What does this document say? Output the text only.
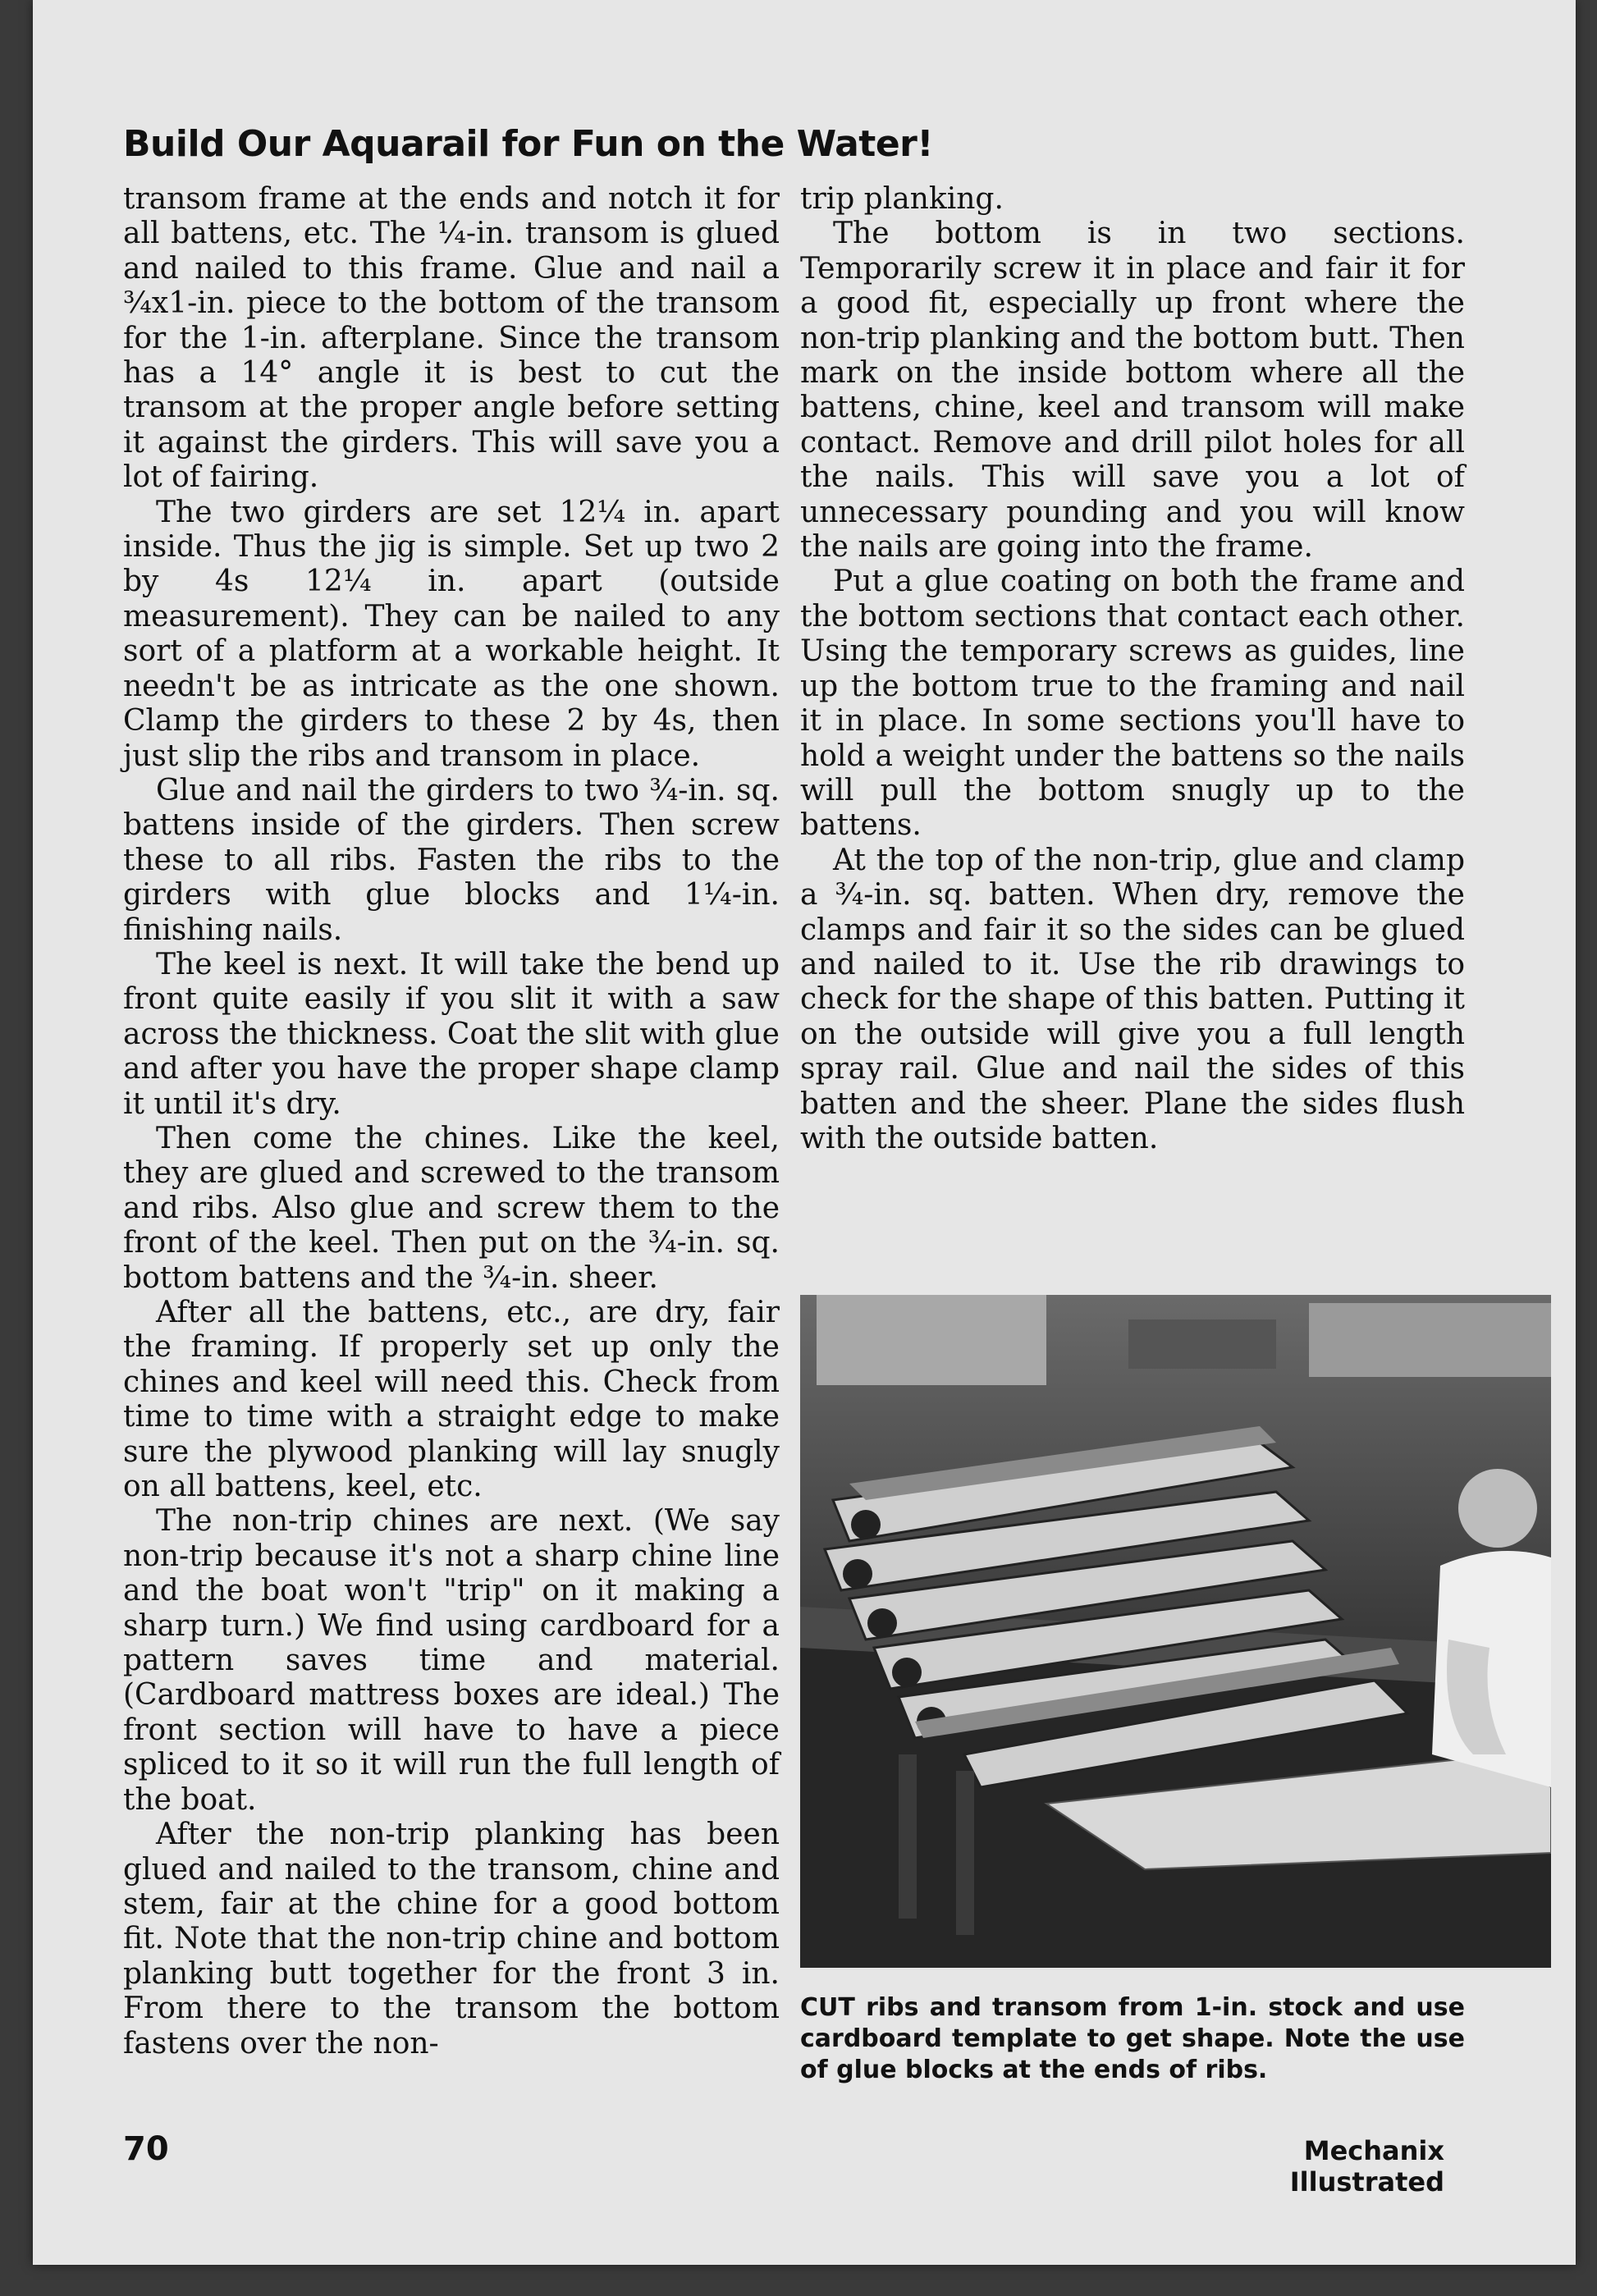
Build Our Aquarail for Fun on the Water!

transom frame at the ends and notch it for all battens, etc. The ¼-in. transom is glued and nailed to this frame. Glue and nail a ¾x1-in. piece to the bottom of the transom for the 1-in. afterplane. Since the transom has a 14° angle it is best to cut the transom at the proper angle before setting it against the girders. This will save you a lot of fairing.

The two girders are set 12¼ in. apart inside. Thus the jig is simple. Set up two 2 by 4s 12¼ in. apart (outside measurement). They can be nailed to any sort of a platform at a workable height. It needn't be as intricate as the one shown. Clamp the girders to these 2 by 4s, then just slip the ribs and transom in place.

Glue and nail the girders to two ¾-in. sq. battens inside of the girders. Then screw these to all ribs. Fasten the ribs to the girders with glue blocks and 1¼-in. finishing nails.

The keel is next. It will take the bend up front quite easily if you slit it with a saw across the thickness. Coat the slit with glue and after you have the proper shape clamp it until it's dry.

Then come the chines. Like the keel, they are glued and screwed to the transom and ribs. Also glue and screw them to the front of the keel. Then put on the ¾-in. sq. bottom battens and the ¾-in. sheer.

After all the battens, etc., are dry, fair the framing. If properly set up only the chines and keel will need this. Check from time to time with a straight edge to make sure the plywood planking will lay snugly on all battens, keel, etc.

The non-trip chines are next. (We say non-trip because it's not a sharp chine line and the boat won't "trip" on it making a sharp turn.) We find using cardboard for a pattern saves time and material. (Cardboard mattress boxes are ideal.) The front section will have to have a piece spliced to it so it will run the full length of the boat.

After the non-trip planking has been glued and nailed to the transom, chine and stem, fair at the chine for a good bottom fit. Note that the non-trip chine and bottom planking butt together for the front 3 in. From there to the transom the bottom fastens over the non-

trip planking.

The bottom is in two sections. Temporarily screw it in place and fair it for a good fit, especially up front where the non-trip planking and the bottom butt. Then mark on the inside bottom where all the battens, chine, keel and transom will make contact. Remove and drill pilot holes for all the nails. This will save you a lot of unnecessary pounding and you will know the nails are going into the frame.

Put a glue coating on both the frame and the bottom sections that contact each other. Using the temporary screws as guides, line up the bottom true to the framing and nail it in place. In some sections you'll have to hold a weight under the battens so the nails will pull the bottom snugly up to the battens.

At the top of the non-trip, glue and clamp a ¾-in. sq. batten. When dry, remove the clamps and fair it so the sides can be glued and nailed to it. Use the rib drawings to check for the shape of this batten. Putting it on the outside will give you a full length spray rail. Glue and nail the sides of this batten and the sheer. Plane the sides flush with the outside batten.

CUT ribs and transom from 1-in. stock and use cardboard template to get shape. Note the use of glue blocks at the ends of ribs.
70	Mechanix Illustrated
